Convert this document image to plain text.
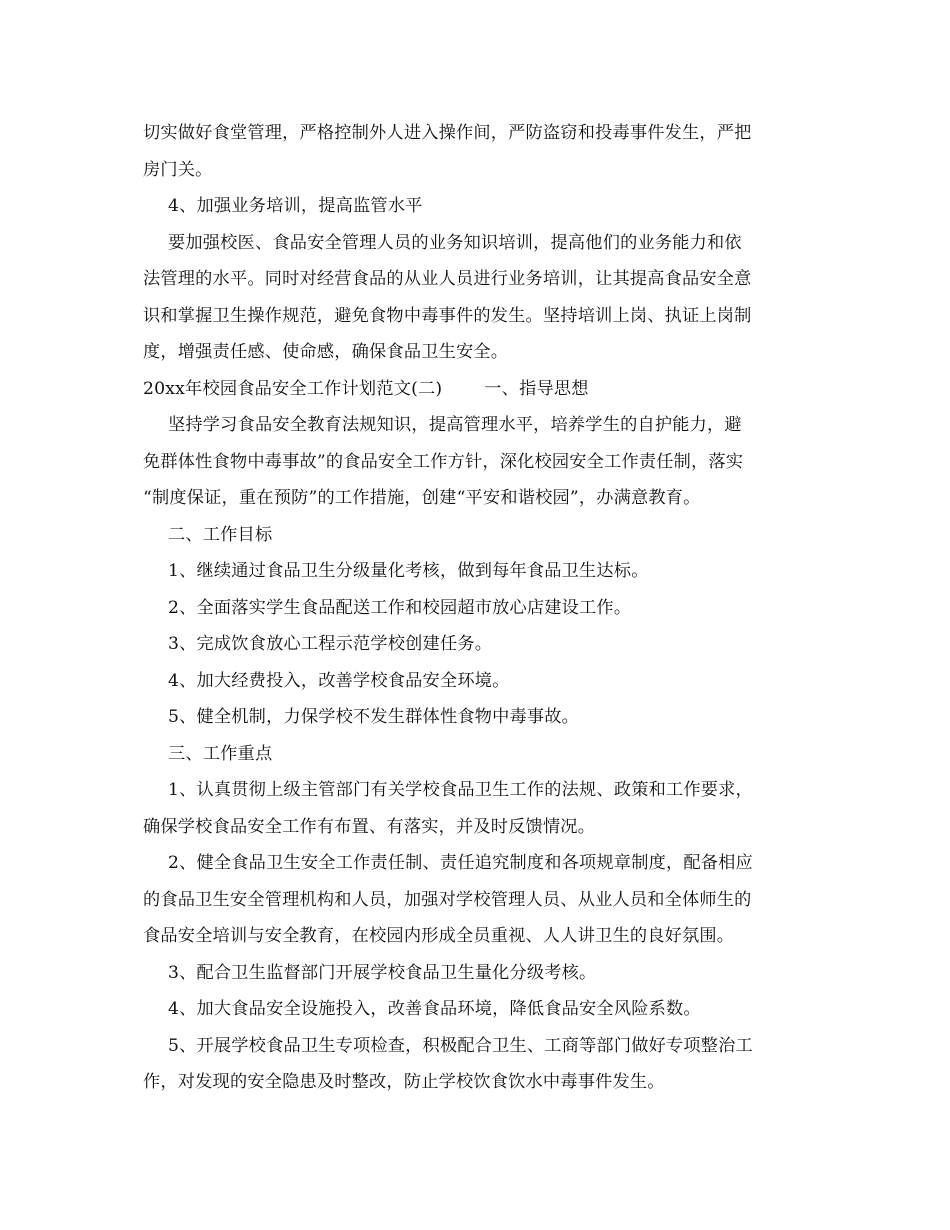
切实做好食堂管理，严格控制外人进入操作间，严防盗窃和投毒事件发生，严把
房门关。
4、加强业务培训，提高监管水平
要加强校医、食品安全管理人员的业务知识培训，提高他们的业务能力和依
法管理的水平。同时对经营食品的从业人员进行业务培训，让其提高食品安全意
识和掌握卫生操作规范，避免食物中毒事件的发生。坚持培训上岗、执证上岗制
度，增强责任感、使命感，确保食品卫生安全。
20xx年校园食品安全工作计划范文(二) 一、指导思想
坚持学习食品安全教育法规知识，提高管理水平，培养学生的自护能力，避
免群体性食物中毒事故”的食品安全工作方针，深化校园安全工作责任制，落实
“制度保证，重在预防”的工作措施，创建“平安和谐校园”，办满意教育。
二、工作目标
1、继续通过食品卫生分级量化考核，做到每年食品卫生达标。
2、全面落实学生食品配送工作和校园超市放心店建设工作。
3、完成饮食放心工程示范学校创建任务。
4、加大经费投入，改善学校食品安全环境。
5、健全机制，力保学校不发生群体性食物中毒事故。
三、工作重点
1、认真贯彻上级主管部门有关学校食品卫生工作的法规、政策和工作要求，
确保学校食品安全工作有布置、有落实，并及时反馈情况。
2、健全食品卫生安全工作责任制、责任追究制度和各项规章制度，配备相应
的食品卫生安全管理机构和人员，加强对学校管理人员、从业人员和全体师生的
食品安全培训与安全教育，在校园内形成全员重视、人人讲卫生的良好氛围。
3、配合卫生监督部门开展学校食品卫生量化分级考核。
4、加大食品安全设施投入，改善食品环境，降低食品安全风险系数。
5、开展学校食品卫生专项检查，积极配合卫生、工商等部门做好专项整治工
作，对发现的安全隐患及时整改，防止学校饮食饮水中毒事件发生。
